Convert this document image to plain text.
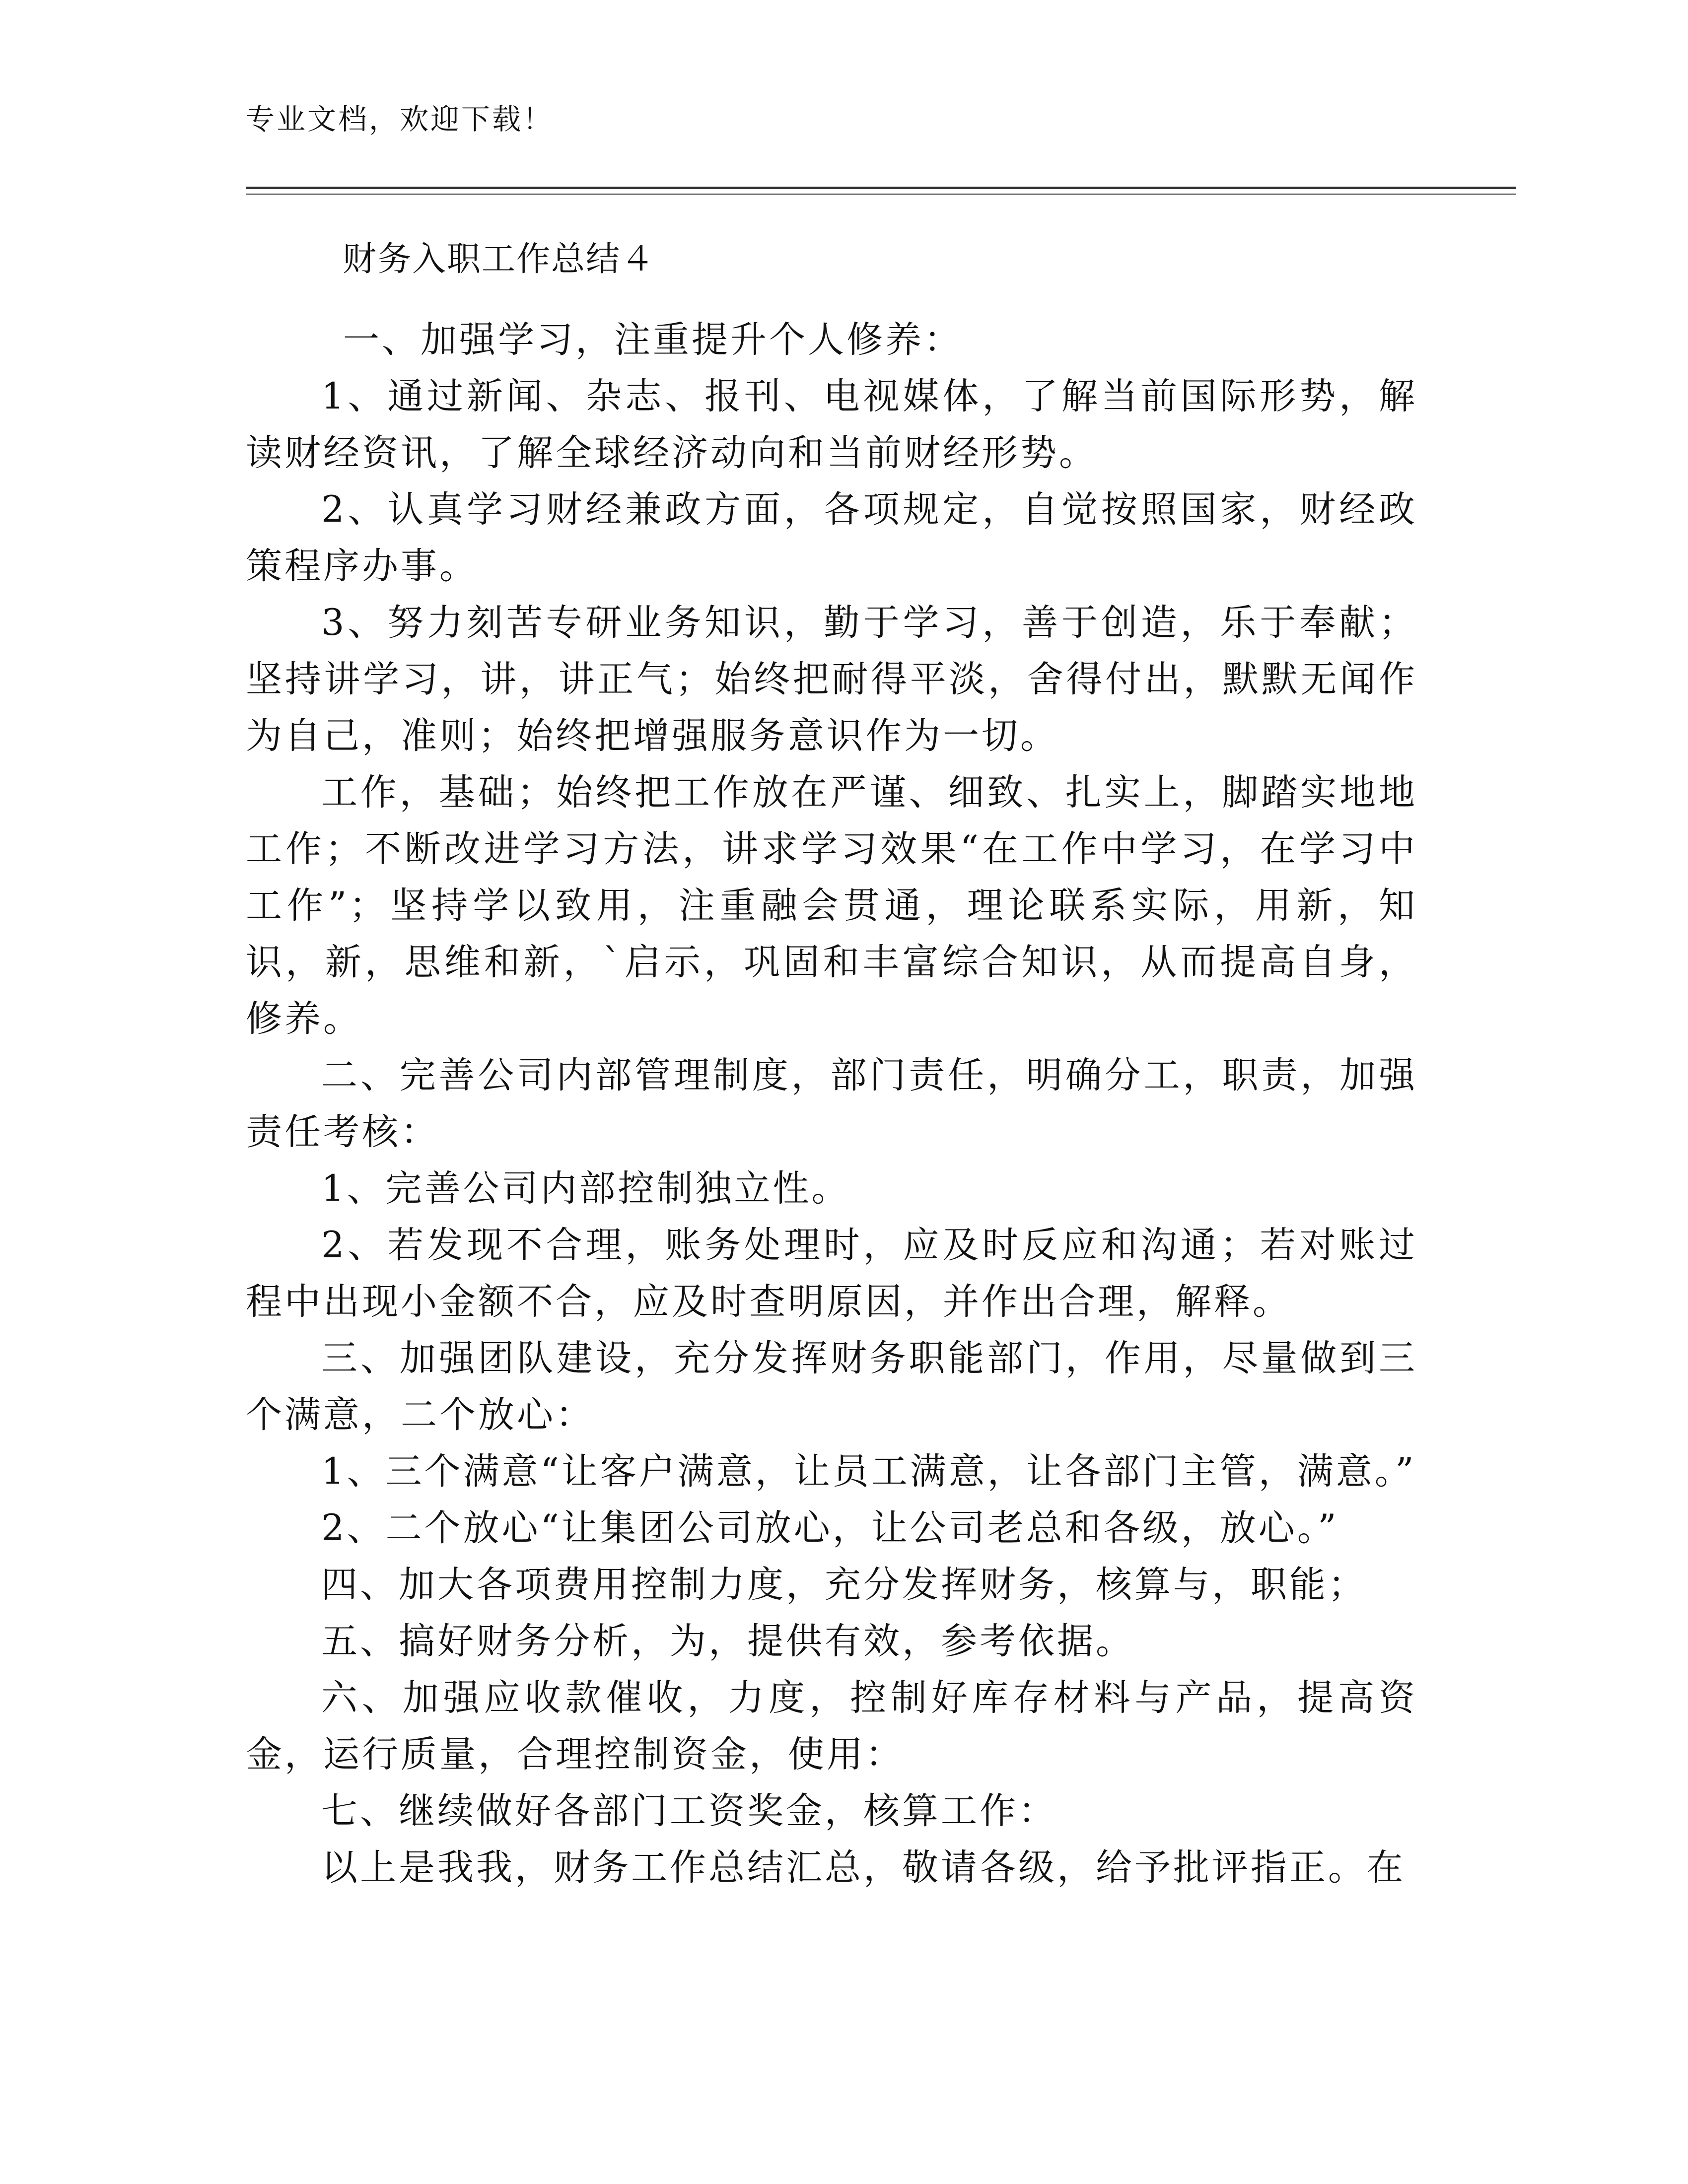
专业文档，欢迎下载！
财务入职工作总结４

一、加强学习，注重提升个人修养：

1、通过新闻、杂志、报刊、电视媒体，了解当前国际形势，解读财经资讯，了解全球经济动向和当前财经形势。

2、认真学习财经兼政方面，各项规定，自觉按照国家，财经政策程序办事。

3、努力刻苦专研业务知识，勤于学习，善于创造，乐于奉献；坚持讲学习，讲，讲正气；始终把耐得平淡，舍得付出，默默无闻作为自己，准则；始终把增强服务意识作为一切。

工作，基础；始终把工作放在严谨、细致、扎实上，脚踏实地地工作；不断改进学习方法，讲求学习效果“在工作中学习，在学习中工作”；坚持学以致用，注重融会贯通，理论联系实际，用新，知识，新，思维和新，`启示，巩固和丰富综合知识，从而提高自身，修养。

二、完善公司内部管理制度，部门责任，明确分工，职责，加强责任考核：

1、完善公司内部控制独立性。

2、若发现不合理，账务处理时，应及时反应和沟通；若对账过程中出现小金额不合，应及时查明原因，并作出合理，解释。

三、加强团队建设，充分发挥财务职能部门，作用，尽量做到三个满意，二个放心：

1、三个满意“让客户满意，让员工满意，让各部门主管，满意。”

2、二个放心“让集团公司放心，让公司老总和各级，放心。”

四、加大各项费用控制力度，充分发挥财务，核算与，职能；

五、搞好财务分析，为，提供有效，参考依据。

六、加强应收款催收，力度，控制好库存材料与产品，提高资金，运行质量，合理控制资金，使用：

七、继续做好各部门工资奖金，核算工作：

以上是我我，财务工作总结汇总，敬请各级，给予批评指正。在
